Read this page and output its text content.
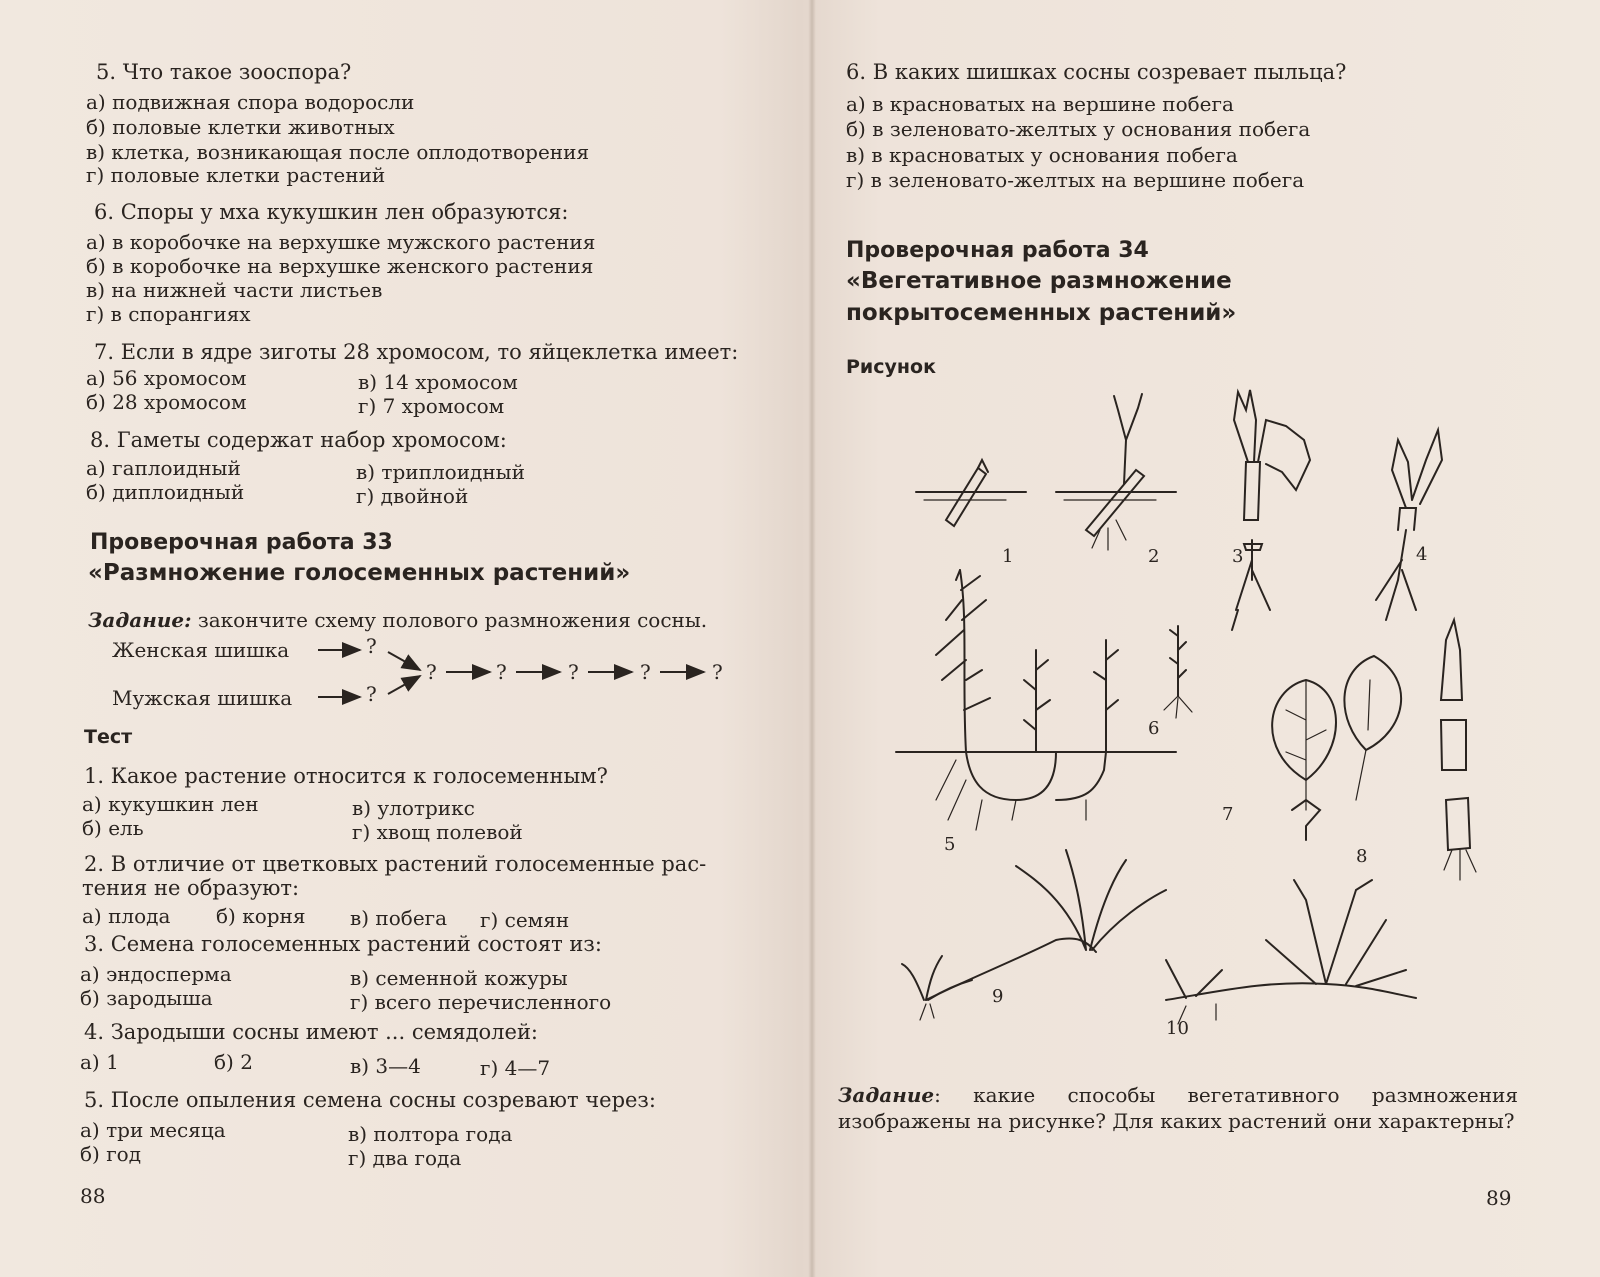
5. Что такое зооспора?
а) подвижная спора водоросли
б) половые клетки животных
в) клетка, возникающая после оплодотворения
г) половые клетки растений
6. Споры у мха кукушкин лен образуются:
а) в коробочке на верхушке мужского растения
б) в коробочке на верхушке женского растения
в) на нижней части листьев
г) в спорангиях
7. Если в ядре зиготы 28 хромосом, то яйцеклетка имеет:
а) 56 хромосом
б) 28 хромосом
в) 14 хромосом
г) 7 хромосом
8. Гаметы содержат набор хромосом:
а) гаплоидный
б) диплоидный
в) триплоидный
г) двойной
Проверочная работа 33
«Размножение голосеменных растений»
Задание: закончите схему полового размножения сосны.
Женская шишка
Мужская шишка
?
?
?	?	?	?	?
Тест
1. Какое растение относится к голосеменным?
а) кукушкин лен
б) ель
в) улотрикс
г) хвощ полевой
2. В отличие от цветковых растений голосеменные рас-
тения не образуют:
а) плода б) корня в) побега г) семян
3. Семена голосеменных растений состоят из:
а) эндосперма
б) зародыша
в) семенной кожуры
г) всего перечисленного
4. Зародыши сосны имеют ... семядолей:
а) 1	б) 2	в) 3—4	г) 4—7
5. После опыления семена сосны созревают через:
а) три месяца
б) год
в) полтора года
г) два года
88
6. В каких шишках сосны созревает пыльца?
а) в красноватых на вершине побега
б) в зеленовато-желтых у основания побега
в) в красноватых у основания побега
г) в зеленовато-желтых на вершине побега
Проверочная работа 34
«Вегетативное размножение
покрытосеменных растений»
Рисунок
1	2	3	4
5
6
7
8
9
10
Задание: какие способы вегетативного размножения изображены на рисунке? Для каких растений они характерны?
89
